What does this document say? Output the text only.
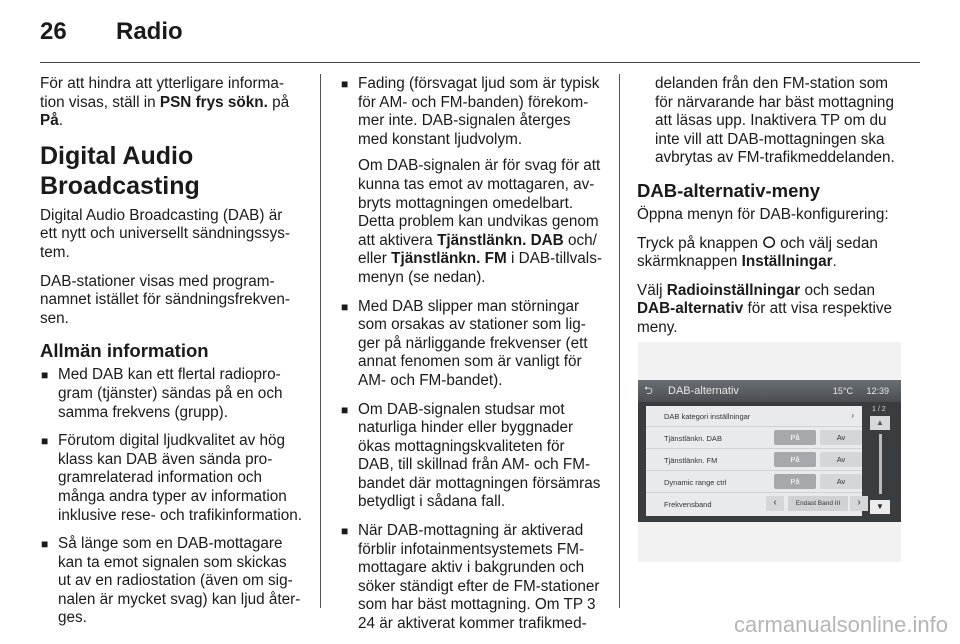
26 Radio

För att hindra att ytterligare information visas, ställ in PSN frys sökn. på På.

Digital Audio Broadcasting

Digital Audio Broadcasting (DAB) är ett nytt och universellt sändningssystem.

DAB-stationer visas med programnamnet istället för sändningsfrekvensen.

Allmän information

■ Med DAB kan ett flertal radioprogram (tjänster) sändas på en och samma frekvens (grupp).

■ Förutom digital ljudkvalitet av hög klass kan DAB även sända programrelaterad information och många andra typer av information inklusive rese- och trafikinformation.

■ Så länge som en DAB-mottagare kan ta emot signalen som skickas ut av en radiostation (även om signalen är mycket svag) kan ljud återges.

■ Fading (försvagat ljud som är typisk för AM- och FM-banden) förekommer inte. DAB-signalen återges med konstant ljudvolym.

Om DAB-signalen är för svag för att kunna tas emot av mottagaren, avbryts mottagningen omedelbart. Detta problem kan undvikas genom att aktivera Tjänstlänkn. DAB och/ eller Tjänstlänkn. FM i DAB-tillvalsmenyn (se nedan).

■ Med DAB slipper man störningar som orsakas av stationer som ligger på närliggande frekvenser (ett annat fenomen som är vanligt för AM- och FM-bandet).

■ Om DAB-signalen studsar mot naturliga hinder eller byggnader ökas mottagningskvaliteten för DAB, till skillnad från AM- och FM-bandet där mottagningen försämras betydligt i sådana fall.

■ När DAB-mottagning är aktiverad förblir infotainmentsystemets FM-mottagare aktiv i bakgrunden och söker ständigt efter de FM-stationer som har bäst mottagning. Om TP 3 24 är aktiverat kommer trafikmed-

delanden från den FM-station som för närvarande har bäst mottagning att läsas upp. Inaktivera TP om du inte vill att DAB-mottagningen ska avbrytas av FM-trafikmeddelanden.

DAB-alternativ-meny

Öppna menyn för DAB-konfigurering:

Tryck på knappen ⵔ och välj sedan skärmknappen Inställningar.

Välj Radioinställningar och sedan DAB-alternativ för att visa respektive meny.

⮌ DAB-alternativ	15°C 12:39
DAB kategori inställningar	›
Tjänstlänkn. DAB	På	Av
Tjänstlänkn. FM	På	Av
Dynamic range ctrl	På	Av
Frekvensband	‹	Endast Band III	›
1 / 2
▲
▼
carmanualsonline.info
